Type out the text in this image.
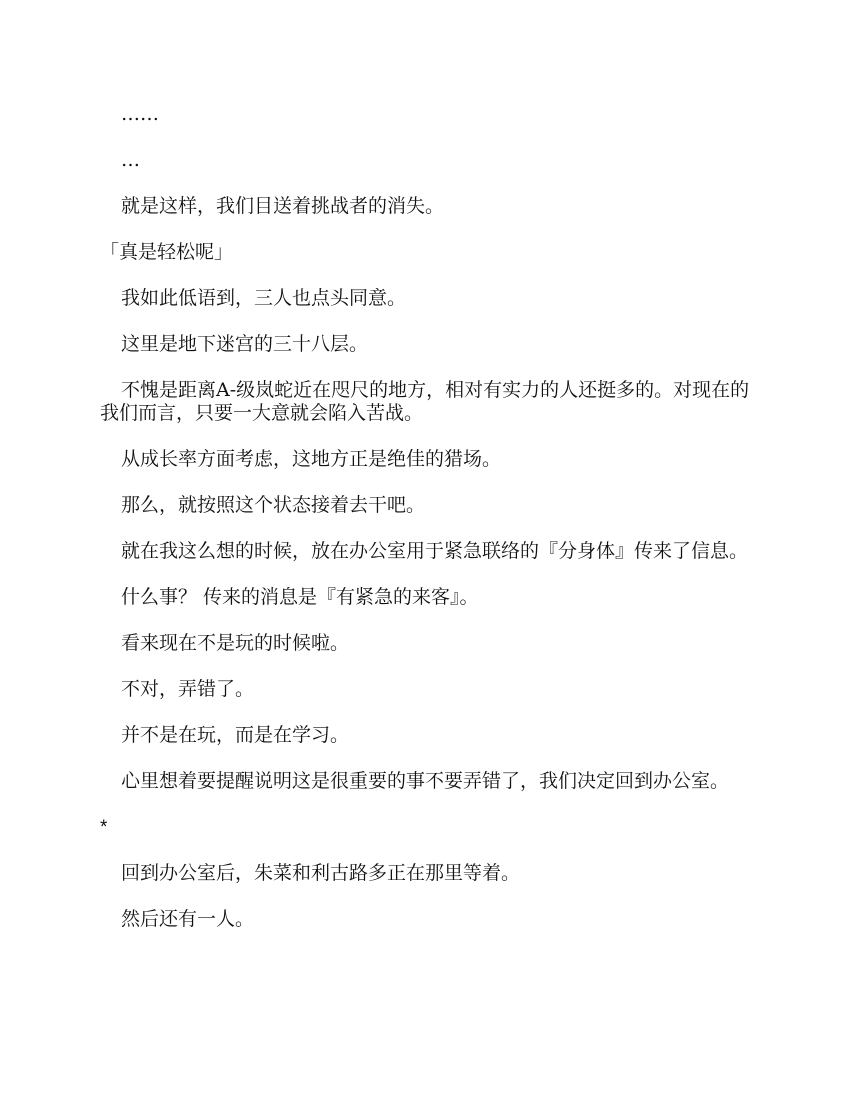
……

…

就是这样，我们目送着挑战者的消失。

「真是轻松呢」

我如此低语到，三人也点头同意。

这里是地下迷宫的三十八层。

不愧是距离A-级岚蛇近在咫尺的地方，相对有实力的人还挺多的。对现在的我们而言，只要一大意就会陷入苦战。

从成长率方面考虑，这地方正是绝佳的猎场。

那么，就按照这个状态接着去干吧。

就在我这么想的时候，放在办公室用于紧急联络的『分身体』传来了信息。

什么事？ 传来的消息是『有紧急的来客』。

看来现在不是玩的时候啦。

不对，弄错了。

并不是在玩，而是在学习。

心里想着要提醒说明这是很重要的事不要弄错了，我们决定回到办公室。

*

回到办公室后，朱菜和利古路多正在那里等着。

然后还有一人。
